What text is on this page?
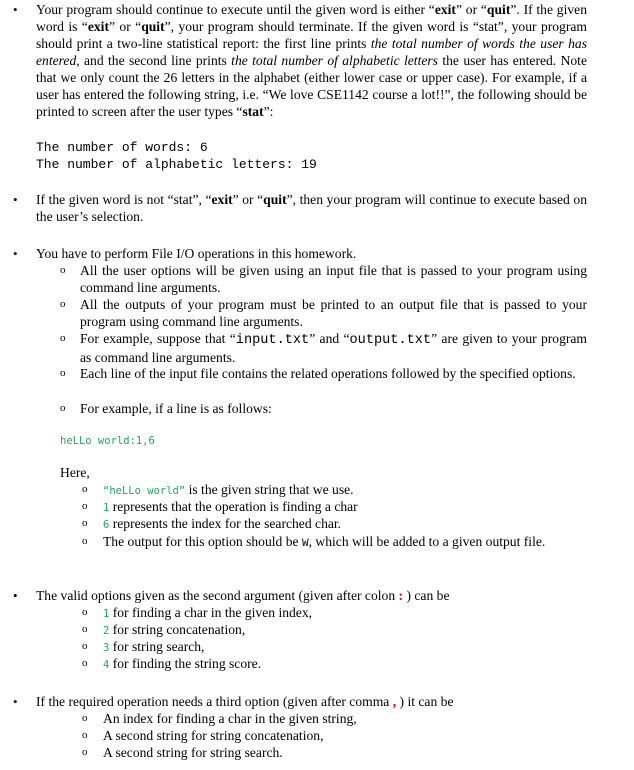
• Your program should continue to execute until the given word is either “exit” or “quit”. If the given word is “exit” or “quit”, your program should terminate. If the given word is “stat”, your program should print a two-line statistical report: the first line prints the total number of words the user has entered, and the second line prints the total number of alphabetic letters the user has entered. Note that we only count the 26 letters in the alphabet (either lower case or upper case). For example, if a user has entered the following string, i.e. “We love CSE1142 course a lot!!”, the following should be printed to screen after the user types “stat”:

The number of words: 6
The number of alphabetic letters: 19
• If the given word is not “stat”, “exit” or “quit”, then your program will continue to execute based on the user’s selection.

• You have to perform File I/O operations in this homework.

o All the user options will be given using an input file that is passed to your program using command line arguments.

o All the outputs of your program must be printed to an output file that is passed to your program using command line arguments.

o For example, suppose that “input.txt” and “output.txt” are given to your program as command line arguments.

o Each line of the input file contains the related operations followed by the specified options.

o For example, if a line is as follows:

heLLo world:1,6
Here,
o “heLLo world” is the given string that we use.
o 1 represents that the operation is finding a char
o 6 represents the index for the searched char.
o The output for this option should be W, which will be added to a given output file.

• The valid options given as the second argument (given after colon : ) can be

o 1 for finding a char in the given index,
o 2 for string concatenation,
o 3 for string search,
o 4 for finding the string score.
• If the required operation needs a third option (given after comma , ) it can be

o An index for finding a char in the given string,
o A second string for string concatenation,
o A second string for string search.
